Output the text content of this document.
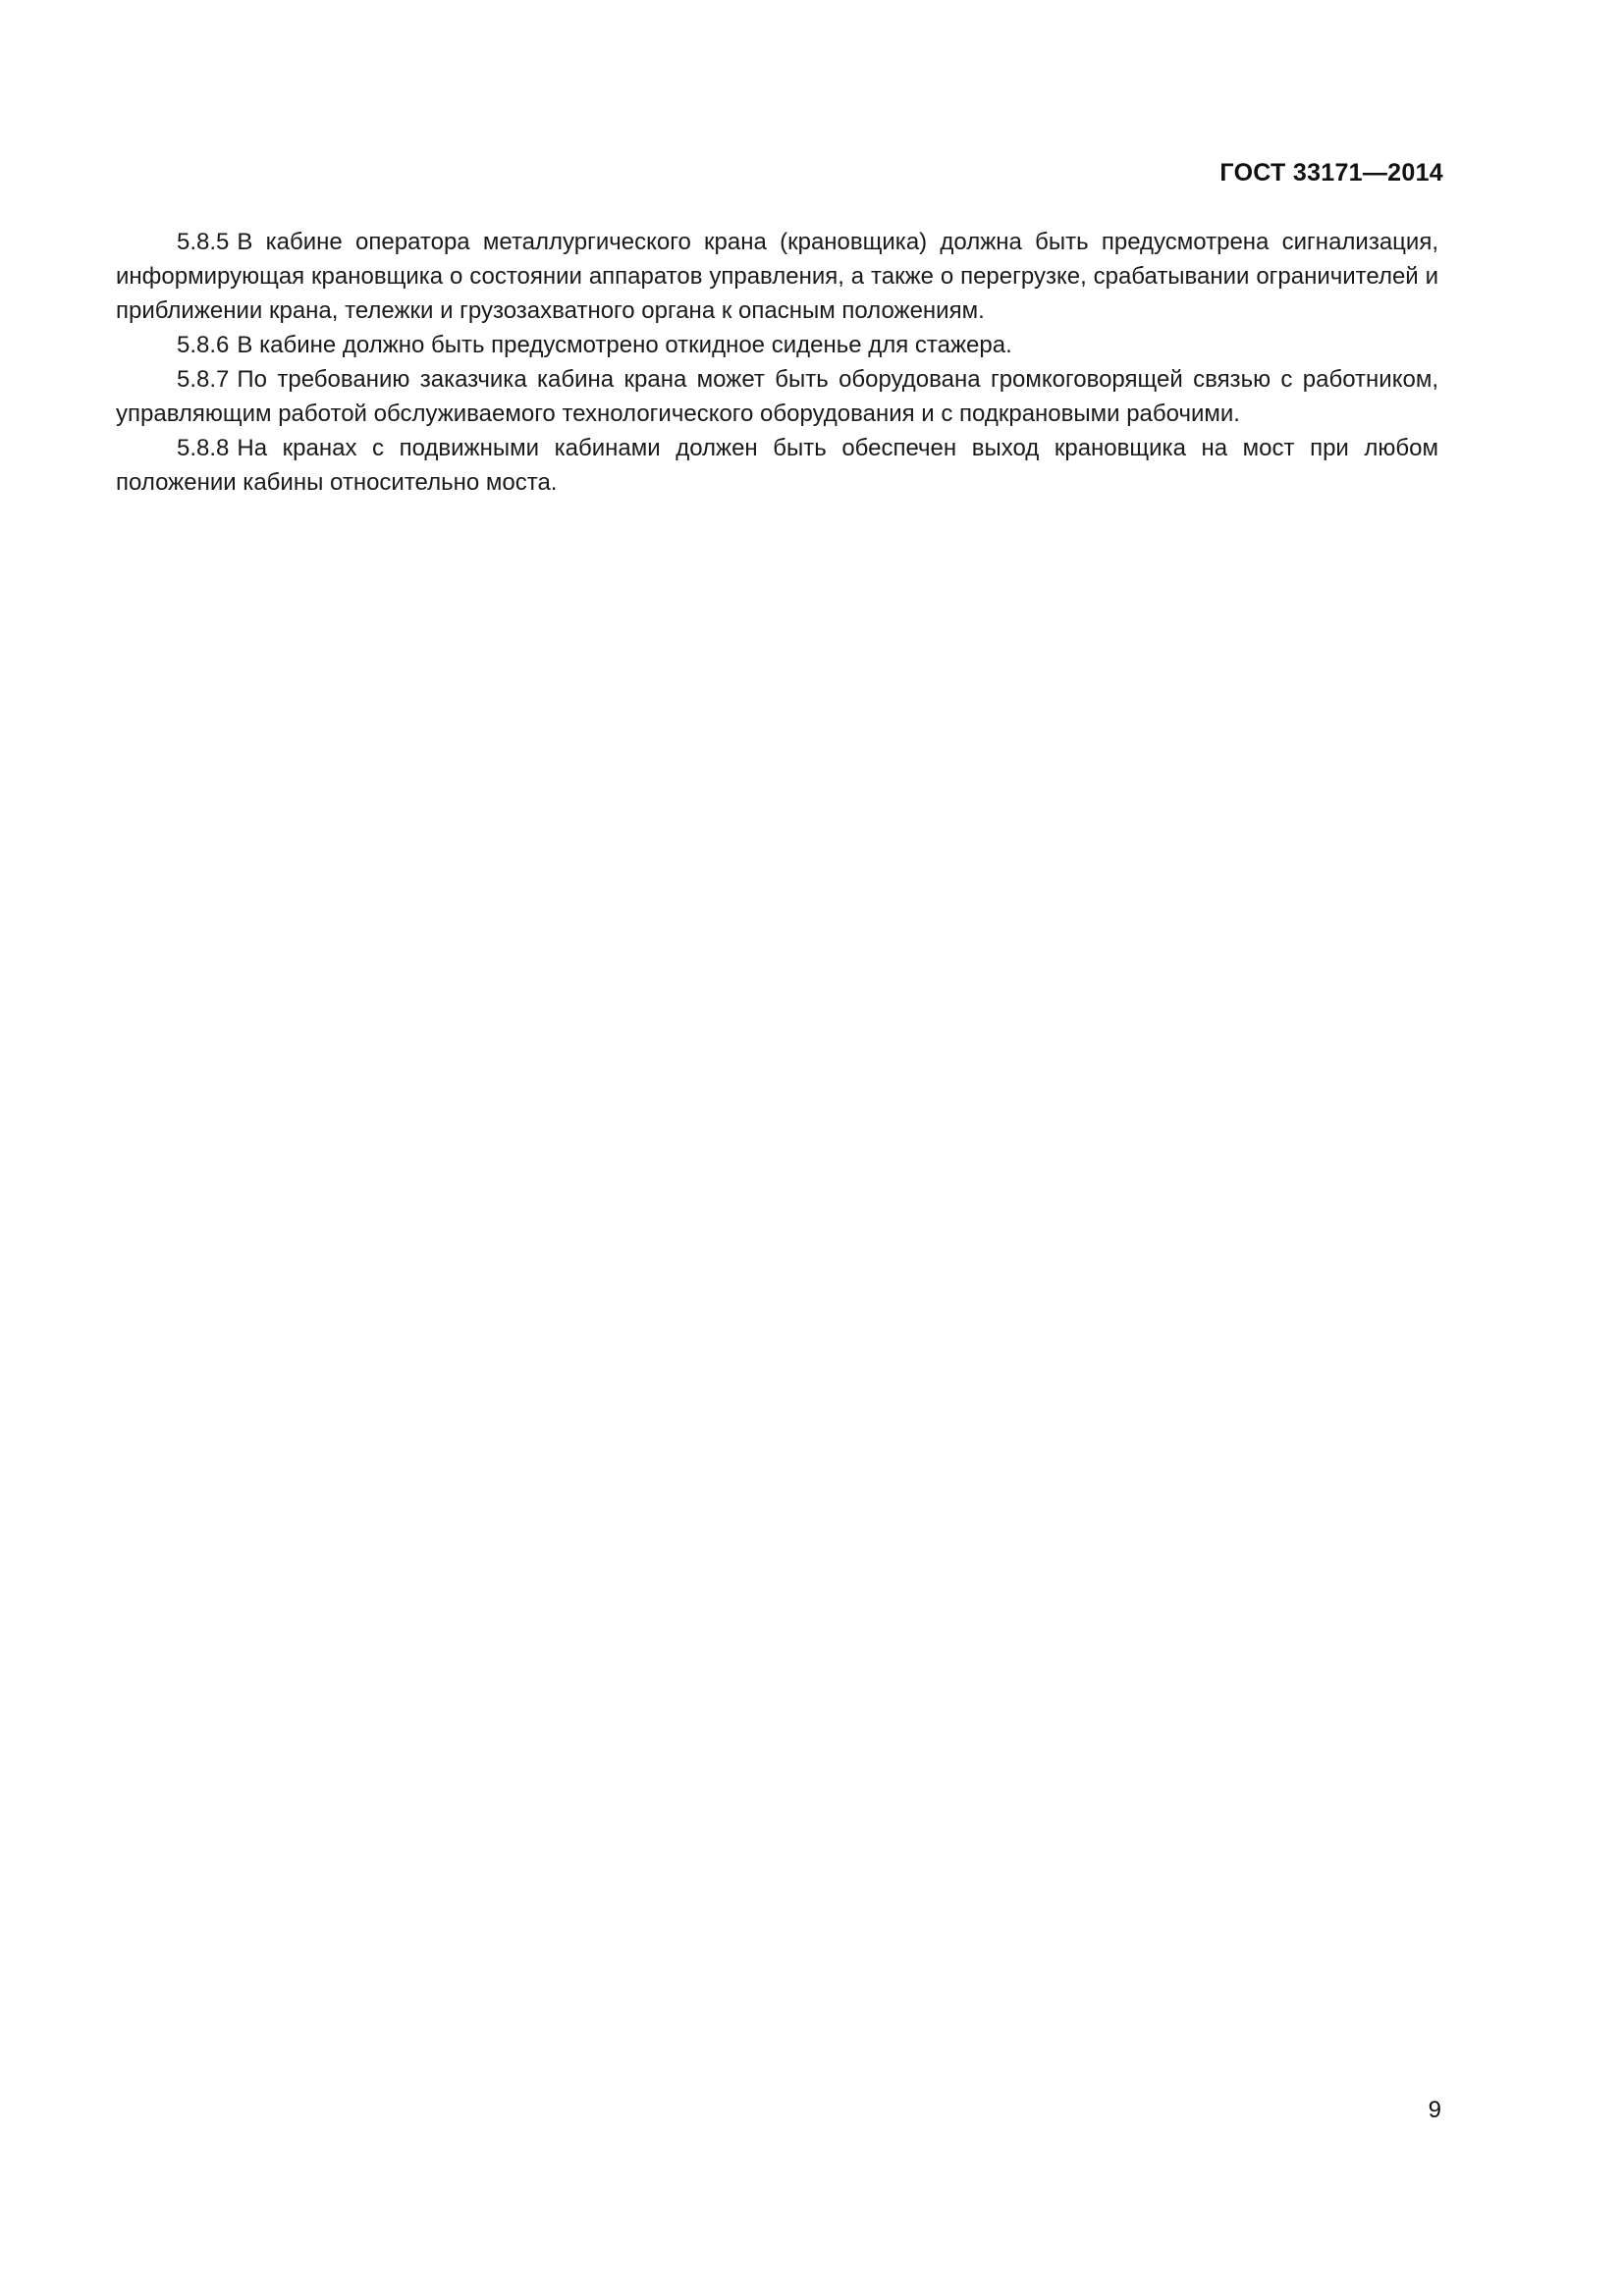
ГОСТ 33171—2014

5.8.5 В кабине оператора металлургического крана (крановщика) должна быть предусмотрена сигнализация, информирующая крановщика о состоянии аппаратов управления, а также о перегрузке, срабатывании ограничителей и приближении крана, тележки и грузозахватного органа к опасным положениям.

5.8.6 В кабине должно быть предусмотрено откидное сиденье для стажера.

5.8.7 По требованию заказчика кабина крана может быть оборудована громкоговорящей связью с работником, управляющим работой обслуживаемого технологического оборудования и с подкрановыми рабочими.

5.8.8 На кранах с подвижными кабинами должен быть обеспечен выход крановщика на мост при любом положении кабины относительно моста.

9
